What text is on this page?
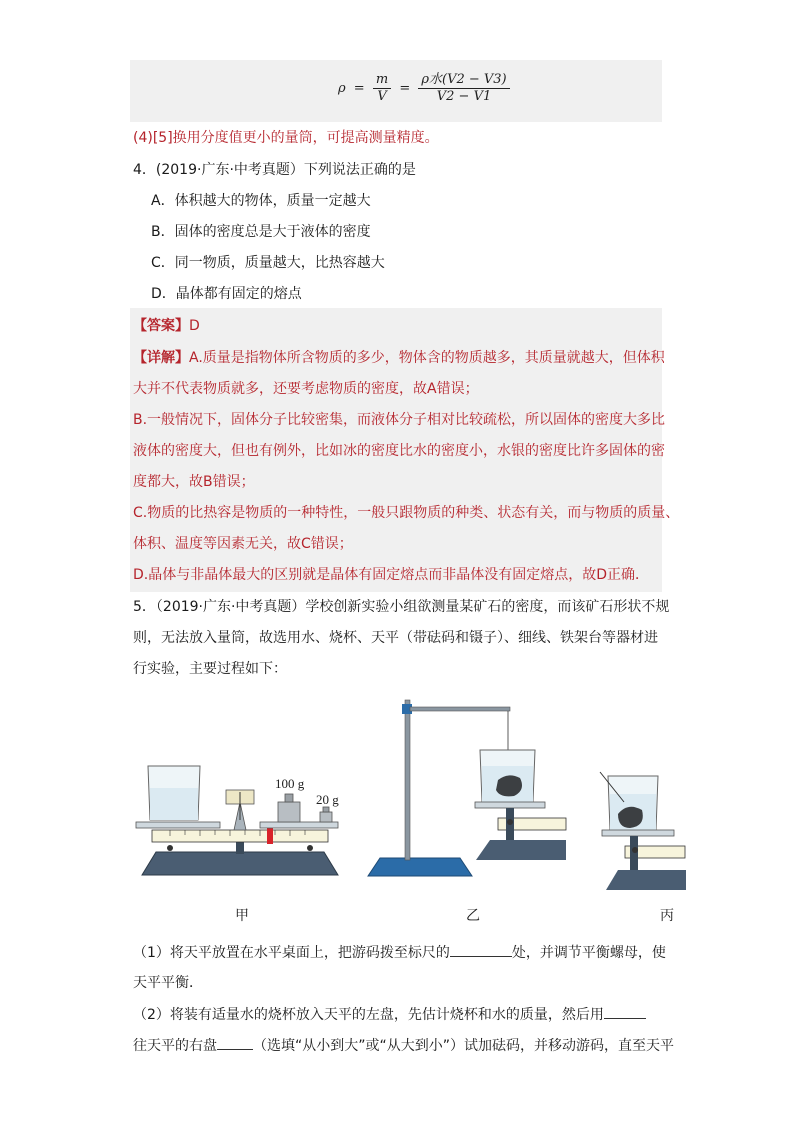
$\rho = \frac{m}{V} = \frac{\text{ρ水(V2 − V3)}}{V2 - V1}$
(4)[5]换用分度值更小的量筒，可提高测量精度。
4．(2019·广东·中考真题）下列说法正确的是
A．体积越大的物体，质量一定越大
B．固体的密度总是大于液体的密度
C．同一物质，质量越大，比热容越大
D．晶体都有固定的熔点
【答案】D
【详解】A.质量是指物体所含物质的多少，物体含的物质越多，其质量就越大，但体积
大并不代表物质就多，还要考虑物质的密度，故A错误；
B.一般情况下，固体分子比较密集，而液体分子相对比较疏松，所以固体的密度大多比
液体的密度大，但也有例外，比如冰的密度比水的密度小，水银的密度比许多固体的密
度都大，故B错误；
C.物质的比热容是物质的一种特性，一般只跟物质的种类、状态有关，而与物质的质量、
体积、温度等因素无关，故C错误；
D.晶体与非晶体最大的区别就是晶体有固定熔点而非晶体没有固定熔点，故D正确．
5．（2019·广东·中考真题）学校创新实验小组欲测量某矿石的密度，而该矿石形状不规
则，无法放入量筒，故选用水、烧杯、天平（带砝码和镊子）、细线、铁架台等器材进
行实验，主要过程如下：
100 g
20 g
甲	乙	丙
（1）将天平放置在水平桌面上，把游码拨至标尺的	处，并调节平衡螺母，使
天平平衡．
（2）将装有适量水的烧杯放入天平的左盘，先估计烧杯和水的质量，然后用
往天平的右盘	（选填“从小到大”或“从大到小”）试加砝码，并移动游码，直至天平
